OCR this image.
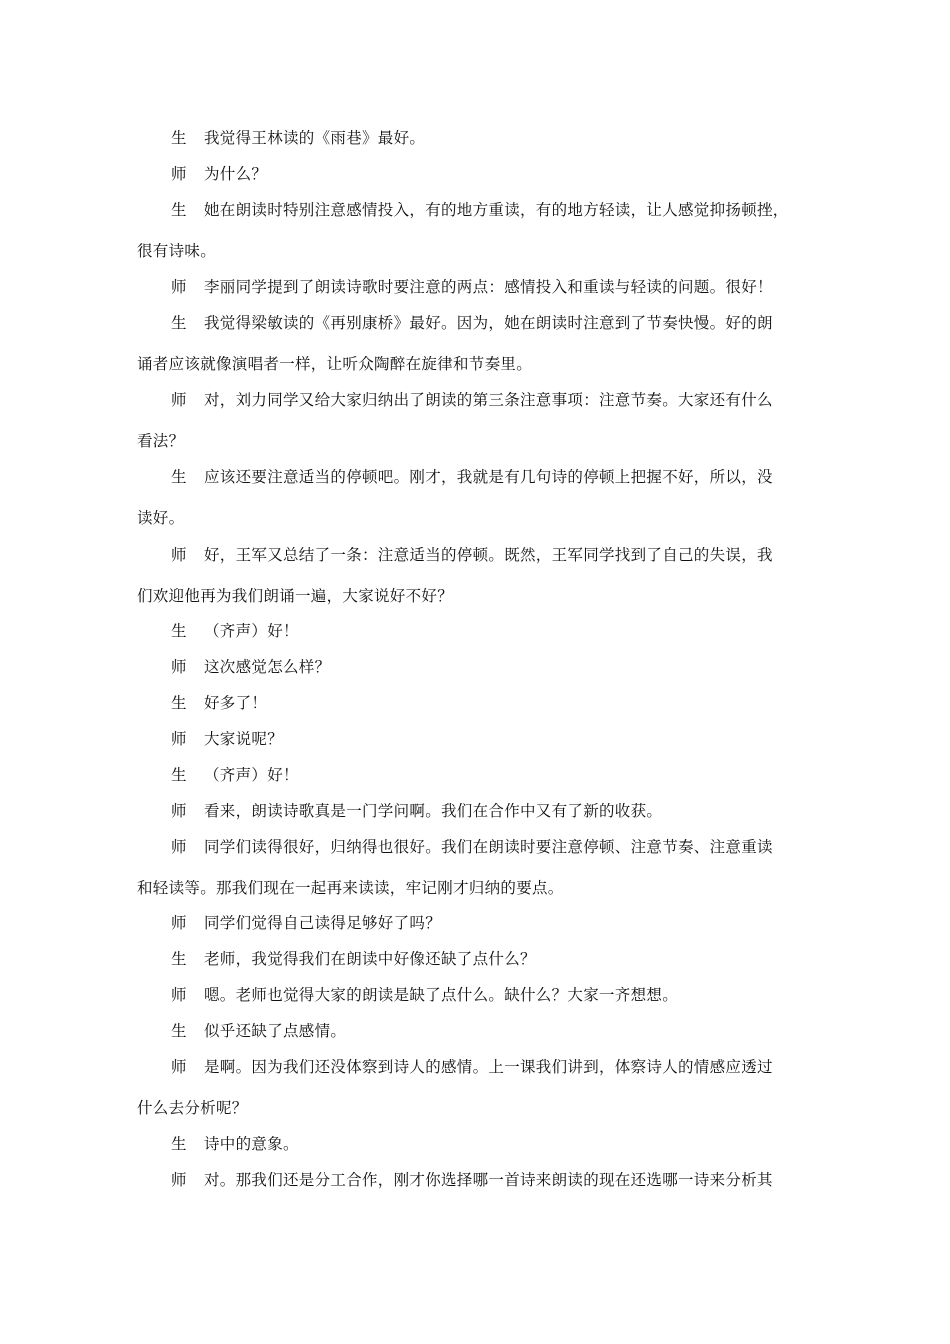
生 我觉得王林读的《雨巷》最好。
师 为什么？
生 她在朗读时特别注意感情投入，有的地方重读，有的地方轻读，让人感觉抑扬顿挫，
很有诗味。
师 李丽同学提到了朗读诗歌时要注意的两点：感情投入和重读与轻读的问题。很好！
生 我觉得梁敏读的《再别康桥》最好。因为，她在朗读时注意到了节奏快慢。好的朗
诵者应该就像演唱者一样，让听众陶醉在旋律和节奏里。
师 对，刘力同学又给大家归纳出了朗读的第三条注意事项：注意节奏。大家还有什么
看法？
生 应该还要注意适当的停顿吧。刚才，我就是有几句诗的停顿上把握不好，所以，没
读好。
师 好，王军又总结了一条：注意适当的停顿。既然，王军同学找到了自己的失误，我
们欢迎他再为我们朗诵一遍，大家说好不好？
生 （齐声）好！
师 这次感觉怎么样？
生 好多了！
师 大家说呢？
生 （齐声）好！
师 看来，朗读诗歌真是一门学问啊。我们在合作中又有了新的收获。
师 同学们读得很好，归纳得也很好。我们在朗读时要注意停顿、注意节奏、注意重读
和轻读等。那我们现在一起再来读读，牢记刚才归纳的要点。
师 同学们觉得自己读得足够好了吗？
生 老师，我觉得我们在朗读中好像还缺了点什么？
师 嗯。老师也觉得大家的朗读是缺了点什么。缺什么？大家一齐想想。
生 似乎还缺了点感情。
师 是啊。因为我们还没体察到诗人的感情。上一课我们讲到，体察诗人的情感应透过
什么去分析呢？
生 诗中的意象。
师 对。那我们还是分工合作，刚才你选择哪一首诗来朗读的现在还选哪一诗来分析其
